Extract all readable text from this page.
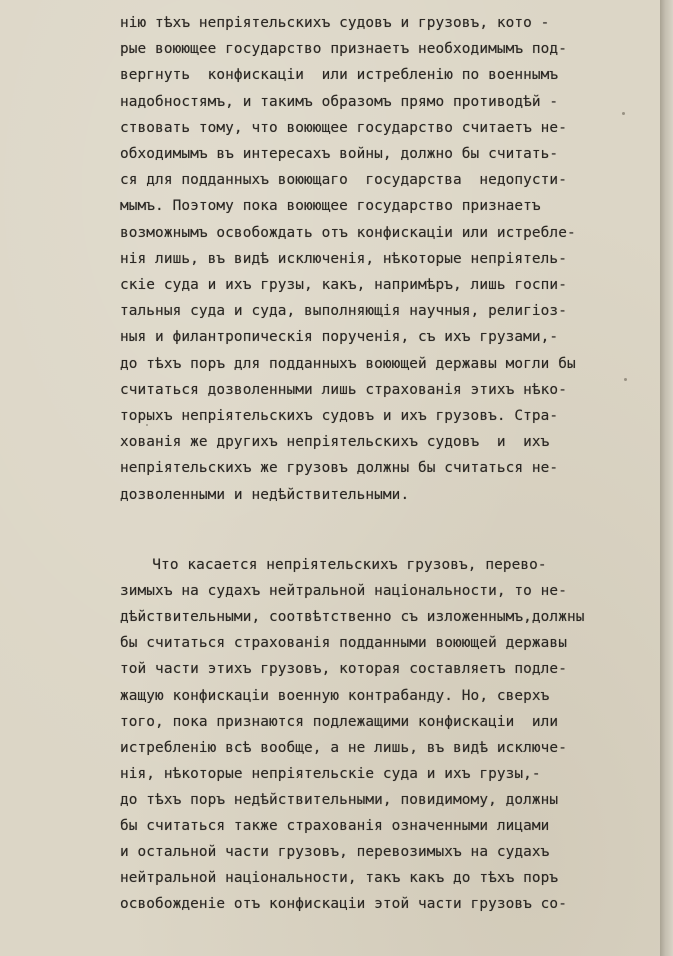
нію тѣхъ непріятельскихъ судовъ и грузовъ, кото -
рые воюющее государство признаетъ необходимымъ под-
вергнуть  конфискаціи  или истребленію по военнымъ
надобностямъ, и такимъ образомъ прямо противодѣй -
ствовать тому, что воюющее государство считаетъ не-
обходимымъ въ интересахъ войны, должно бы считать-
ся для подданныхъ воюющаго  государства  недопусти-
мымъ. Поэтому пока воюющее государство признаетъ
возможнымъ освобождать отъ конфискаціи или истребле-
нія лишь, въ видѣ исключенія, нѣкоторые непріятель-
скіе суда и ихъ грузы, какъ, напримѣръ, лишь госпи-
тальныя суда и суда, выполняющія научныя, религіоз-
ныя и филантропическія порученія, съ ихъ грузами,-
до тѣхъ поръ для подданныхъ воюющей державы могли бы
считаться дозволенными лишь страхованія этихъ нѣко-
торыхъ непріятельскихъ судовъ и ихъ грузовъ. Стра-
хованія же другихъ непріятельскихъ судовъ  и  ихъ
непріятельскихъ же грузовъ должны бы считаться не-
дозволенными и недѣйствительными.
Что касается непріятельскихъ грузовъ, перево-
зимыхъ на судахъ нейтральной національности, то не-
дѣйствительными, соотвѣтственно съ изложеннымъ,должны
бы считаться страхованія подданными воюющей державы
той части этихъ грузовъ, которая составляетъ подле-
жащую конфискаціи военную контрабанду. Но, сверхъ
того, пока признаются подлежащими конфискаціи  или
истребленію всѣ вообще, а не лишь, въ видѣ исключе-
нія, нѣкоторые непріятельскіе суда и ихъ грузы,-
до тѣхъ поръ недѣйствительными, повидимому, должны
бы считаться также страхованія означенными лицами
и остальной части грузовъ, перевозимыхъ на судахъ
нейтральной національности, такъ какъ до тѣхъ поръ
освобожденіе отъ конфискаціи этой части грузовъ со-
